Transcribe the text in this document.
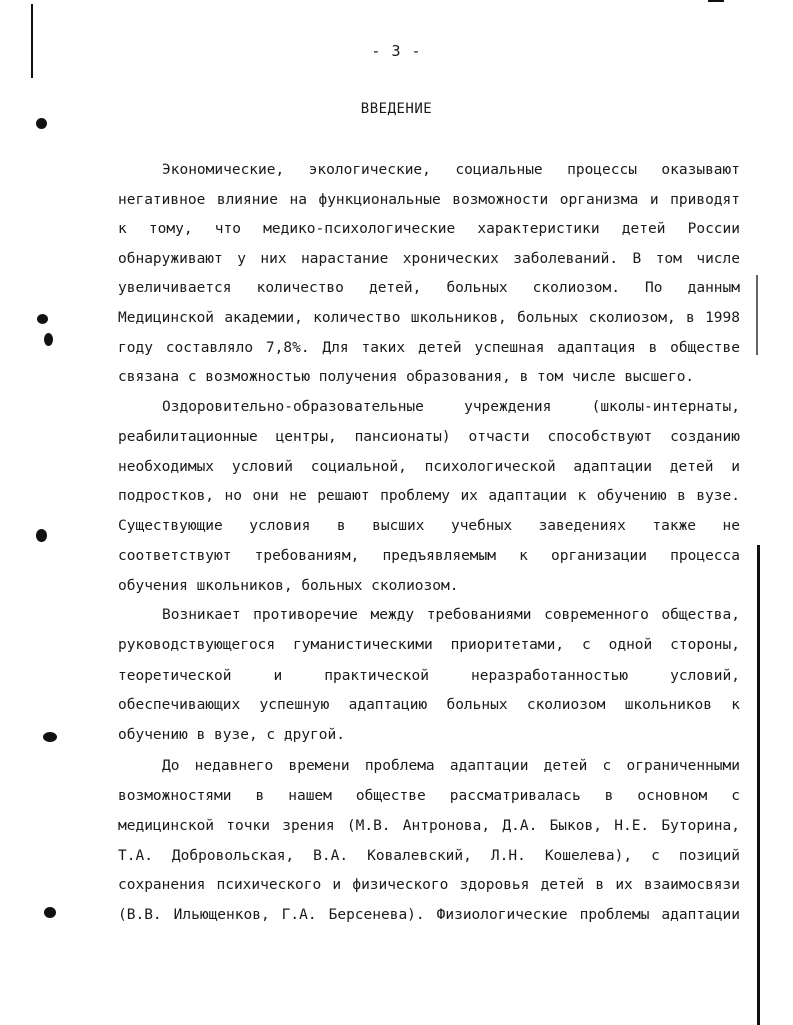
- 3 -
ВВЕДЕНИЕ
Экономические, экологические, социальные процессы оказывают
негативное влияние на функциональные возможности организма и приводят
к тому, что медико-психологические характеристики детей России
обнаруживают у них нарастание хронических заболеваний. В том числе
увеличивается количество детей, больных сколиозом. По данным
Медицинской академии, количество школьников, больных сколиозом, в 1998
году составляло 7,8%. Для таких детей успешная адаптация в обществе
связана с возможностью получения образования, в том числе высшего.
Оздоровительно-образовательные учреждения (школы-интернаты,
реабилитационные центры, пансионаты) отчасти способствуют созданию
необходимых условий социальной, психологической адаптации детей и
подростков, но они не решают проблему их адаптации к обучению в вузе.
Существующие условия в высших учебных заведениях также не
соответствуют требованиям, предъявляемым к организации процесса
обучения школьников, больных сколиозом.
Возникает противоречие между требованиями современного общества,
руководствующегося гуманистическими приоритетами, с одной стороны,
теоретической и практической неразработанностью условий,
обеспечивающих успешную адаптацию больных сколиозом школьников к
обучению в вузе, с другой.
До недавнего времени проблема адаптации детей с ограниченными
возможностями в нашем обществе рассматривалась в основном с
медицинской точки зрения (М.В. Антронова, Д.А. Быков, Н.Е. Буторина,
Т.А. Добровольская, В.А. Ковалевский, Л.Н. Кошелева), с позиций
сохранения психического и физического здоровья детей в их взаимосвязи
(В.В. Ильющенков, Г.А. Берсенева). Физиологические проблемы адаптации
